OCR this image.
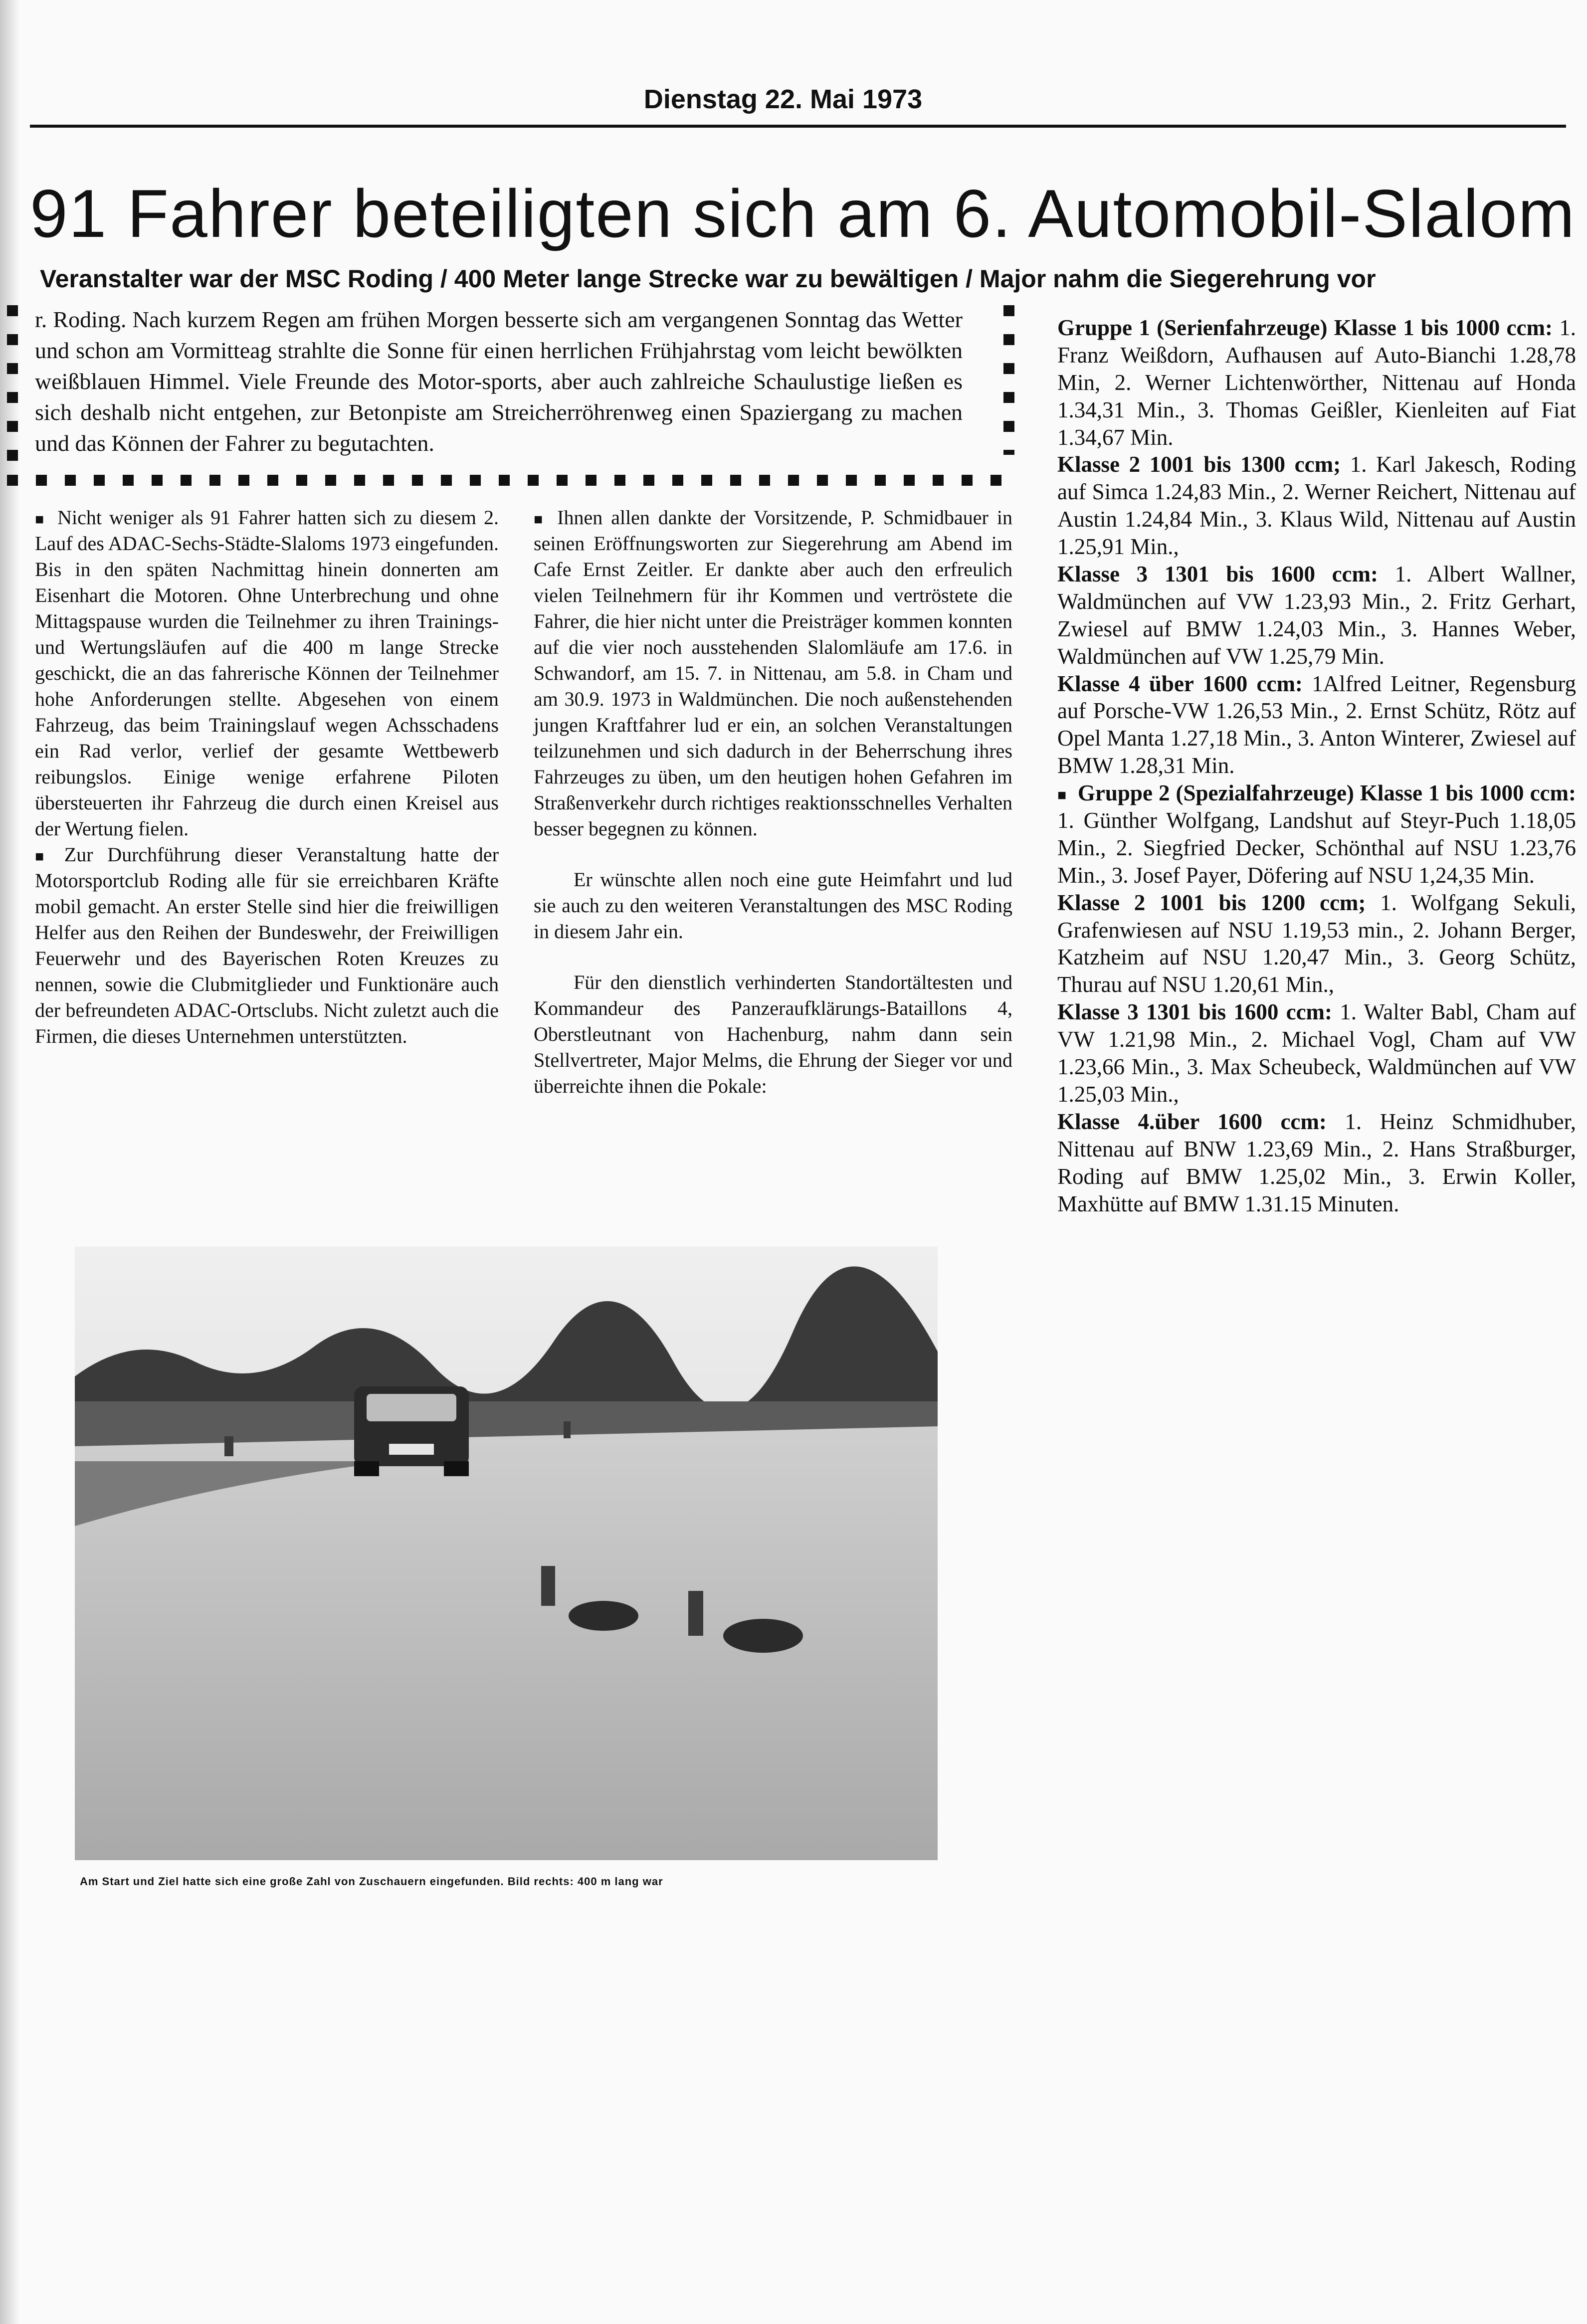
Dienstag 22. Mai 1973
91 Fahrer beteiligten sich am 6. Automobil-Slalom
Veranstalter war der MSC Roding / 400 Meter lange Strecke war zu bewältigen / Major nahm die Siegerehrung vor

r. Roding. Nach kurzem Regen am frühen Morgen besserte sich am vergangenen Sonntag das Wetter und schon am Vormitteag strahlte die Sonne für einen herrlichen Frühjahrstag vom leicht bewölkten weißblauen Himmel. Viele Freunde des Motor-sports, aber auch zahlreiche Schaulustige ließen es sich deshalb nicht entgehen, zur Betonpiste am Streicherröhrenweg einen Spaziergang zu machen und das Können der Fahrer zu begutachten.

■ Nicht weniger als 91 Fahrer hatten sich zu diesem 2. Lauf des ADAC-Sechs-Städte-Slaloms 1973 eingefunden. Bis in den späten Nachmittag hinein donnerten am Eisenhart die Motoren. Ohne Unterbrechung und ohne Mittagspause wurden die Teilnehmer zu ihren Trainings- und Wertungsläufen auf die 400 m lange Strecke geschickt, die an das fahrerische Können der Teilnehmer hohe Anforderungen stellte. Abgesehen von einem Fahrzeug, das beim Trainingslauf wegen Achsschadens ein Rad verlor, verlief der gesamte Wettbewerb reibungslos. Einige wenige erfahrene Piloten übersteuerten ihr Fahrzeug die durch einen Kreisel aus der Wertung fielen.

■ Zur Durchführung dieser Veranstaltung hatte der Motorsportclub Roding alle für sie erreichbaren Kräfte mobil gemacht. An erster Stelle sind hier die freiwilligen Helfer aus den Reihen der Bundeswehr, der Freiwilligen Feuerwehr und des Bayerischen Roten Kreuzes zu nennen, sowie die Clubmitglieder und Funktionäre auch der befreundeten ADAC-Ortsclubs. Nicht zuletzt auch die Firmen, die dieses Unternehmen unterstützten.

■ Ihnen allen dankte der Vorsitzende, P. Schmidbauer in seinen Eröffnungsworten zur Siegerehrung am Abend im Cafe Ernst Zeitler. Er dankte aber auch den erfreulich vielen Teilnehmern für ihr Kommen und vertröstete die Fahrer, die hier nicht unter die Preisträger kommen konnten auf die vier noch ausstehenden Slalomläufe am 17.6. in Schwandorf, am 15. 7. in Nittenau, am 5.8. in Cham und am 30.9. 1973 in Waldmünchen. Die noch außenstehenden jungen Kraftfahrer lud er ein, an solchen Veranstaltungen teilzunehmen und sich dadurch in der Beherrschung ihres Fahrzeuges zu üben, um den heutigen hohen Gefahren im Straßenverkehr durch richtiges reaktionsschnelles Verhalten besser begegnen zu können.

Er wünschte allen noch eine gute Heimfahrt und lud sie auch zu den weiteren Veranstaltungen des MSC Roding in diesem Jahr ein.

Für den dienstlich verhinderten Standortältesten und Kommandeur des Panzeraufklärungs-Bataillons 4, Oberstleutnant von Hachenburg, nahm dann sein Stellvertreter, Major Melms, die Ehrung der Sieger vor und überreichte ihnen die Pokale:

Gruppe 1 (Serienfahrzeuge) Klasse 1 bis 1000 ccm: 1. Franz Weißdorn, Aufhausen auf Auto-Bianchi 1.28,78 Min, 2. Werner Lichtenwörther, Nittenau auf Honda 1.34,31 Min., 3. Thomas Geißler, Kienleiten auf Fiat 1.34,67 Min.

Klasse 2 1001 bis 1300 ccm; 1. Karl Jakesch, Roding auf Simca 1.24,83 Min., 2. Werner Reichert, Nittenau auf Austin 1.24,84 Min., 3. Klaus Wild, Nittenau auf Austin 1.25,91 Min.,

Klasse 3 1301 bis 1600 ccm: 1. Albert Wallner, Waldmünchen auf VW 1.23,93 Min., 2. Fritz Gerhart, Zwiesel auf BMW 1.24,03 Min., 3. Hannes Weber, Waldmünchen auf VW 1.25,79 Min.

Klasse 4 über 1600 ccm: 1Alfred Leitner, Regensburg auf Porsche-VW 1.26,53 Min., 2. Ernst Schütz, Rötz auf Opel Manta 1.27,18 Min., 3. Anton Winterer, Zwiesel auf BMW 1.28,31 Min.

■ Gruppe 2 (Spezialfahrzeuge) Klasse 1 bis 1000 ccm: 1. Günther Wolfgang, Landshut auf Steyr-Puch 1.18,05 Min., 2. Siegfried Decker, Schönthal auf NSU 1.23,76 Min., 3. Josef Payer, Döfering auf NSU 1,24,35 Min.

Klasse 2 1001 bis 1200 ccm; 1. Wolfgang Sekuli, Grafenwiesen auf NSU 1.19,53 min., 2. Johann Berger, Katzheim auf NSU 1.20,47 Min., 3. Georg Schütz, Thurau auf NSU 1.20,61 Min.,

Klasse 3 1301 bis 1600 ccm: 1. Walter Babl, Cham auf VW 1.21,98 Min., 2. Michael Vogl, Cham auf VW 1.23,66 Min., 3. Max Scheubeck, Waldmünchen auf VW 1.25,03 Min.,

Klasse 4.über 1600 ccm: 1. Heinz Schmidhuber, Nittenau auf BNW 1.23,69 Min., 2. Hans Straßburger, Roding auf BMW 1.25,02 Min., 3. Erwin Koller, Maxhütte auf BMW 1.31.15 Minuten.

Am Start und Ziel hatte sich eine große Zahl von Zuschauern eingefunden. Bild rechts: 400 m lang war
